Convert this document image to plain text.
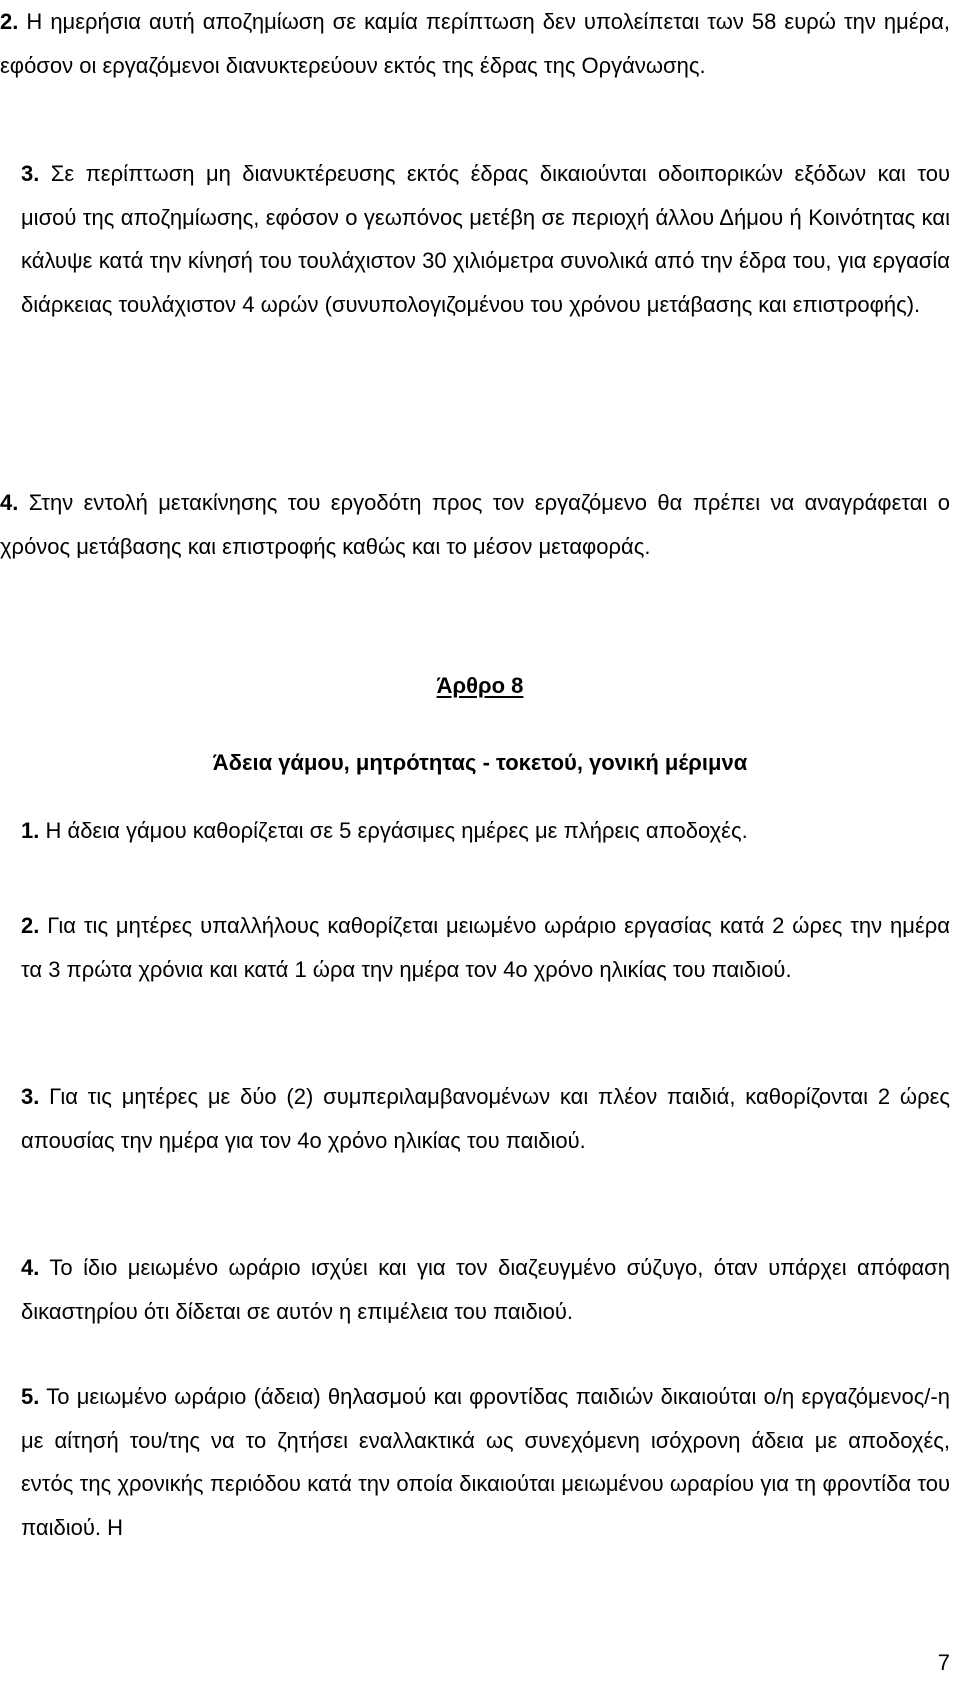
2. Η ημερήσια αυτή αποζημίωση σε καμία περίπτωση δεν υπολείπεται των 58 ευρώ την ημέρα, εφόσον οι εργαζόμενοι διανυκτερεύουν εκτός της έδρας της Οργάνωσης.

3. Σε περίπτωση μη διανυκτέρευσης εκτός έδρας δικαιούνται οδοιπορικών εξόδων και του μισού της αποζημίωσης, εφόσον ο γεωπόνος μετέβη σε περιοχή άλλου Δήμου ή Κοινότητας και κάλυψε κατά την κίνησή του τουλάχιστον 30 χιλιόμετρα συνολικά από την έδρα του, για εργασία διάρκειας τουλάχιστον 4 ωρών (συνυπολογιζομένου του χρόνου μετάβασης και επιστροφής).

4. Στην εντολή μετακίνησης του εργοδότη προς τον εργαζόμενο θα πρέπει να αναγράφεται ο χρόνος μετάβασης και επιστροφής καθώς και το μέσον μεταφοράς.

Άρθρο 8
Άδεια γάμου, μητρότητας - τοκετού, γονική μέριμνα

1. Η άδεια γάμου καθορίζεται σε 5 εργάσιμες ημέρες με πλήρεις αποδοχές.

2. Για τις μητέρες υπαλλήλους καθορίζεται μειωμένο ωράριο εργασίας κατά 2 ώρες την ημέρα τα 3 πρώτα χρόνια και κατά 1 ώρα την ημέρα τον 4ο χρόνο ηλικίας του παιδιού.

3. Για τις μητέρες με δύο (2) συμπεριλαμβανομένων και πλέον παιδιά, καθορίζονται 2 ώρες απουσίας την ημέρα για τον 4ο χρόνο ηλικίας του παιδιού.

4. Το ίδιο μειωμένο ωράριο ισχύει και για τον διαζευγμένο σύζυγο, όταν υπάρχει απόφαση δικαστηρίου ότι δίδεται σε αυτόν η επιμέλεια του παιδιού.

5. Το μειωμένο ωράριο (άδεια) θηλασμού και φροντίδας παιδιών δικαιούται ο/η εργαζόμενος/-η με αίτησή του/της να το ζητήσει εναλλακτικά ως συνεχόμενη ισόχρονη άδεια με αποδοχές, εντός της χρονικής περιόδου κατά την οποία δικαιούται μειωμένου ωραρίου για τη φροντίδα του παιδιού. Η

7
